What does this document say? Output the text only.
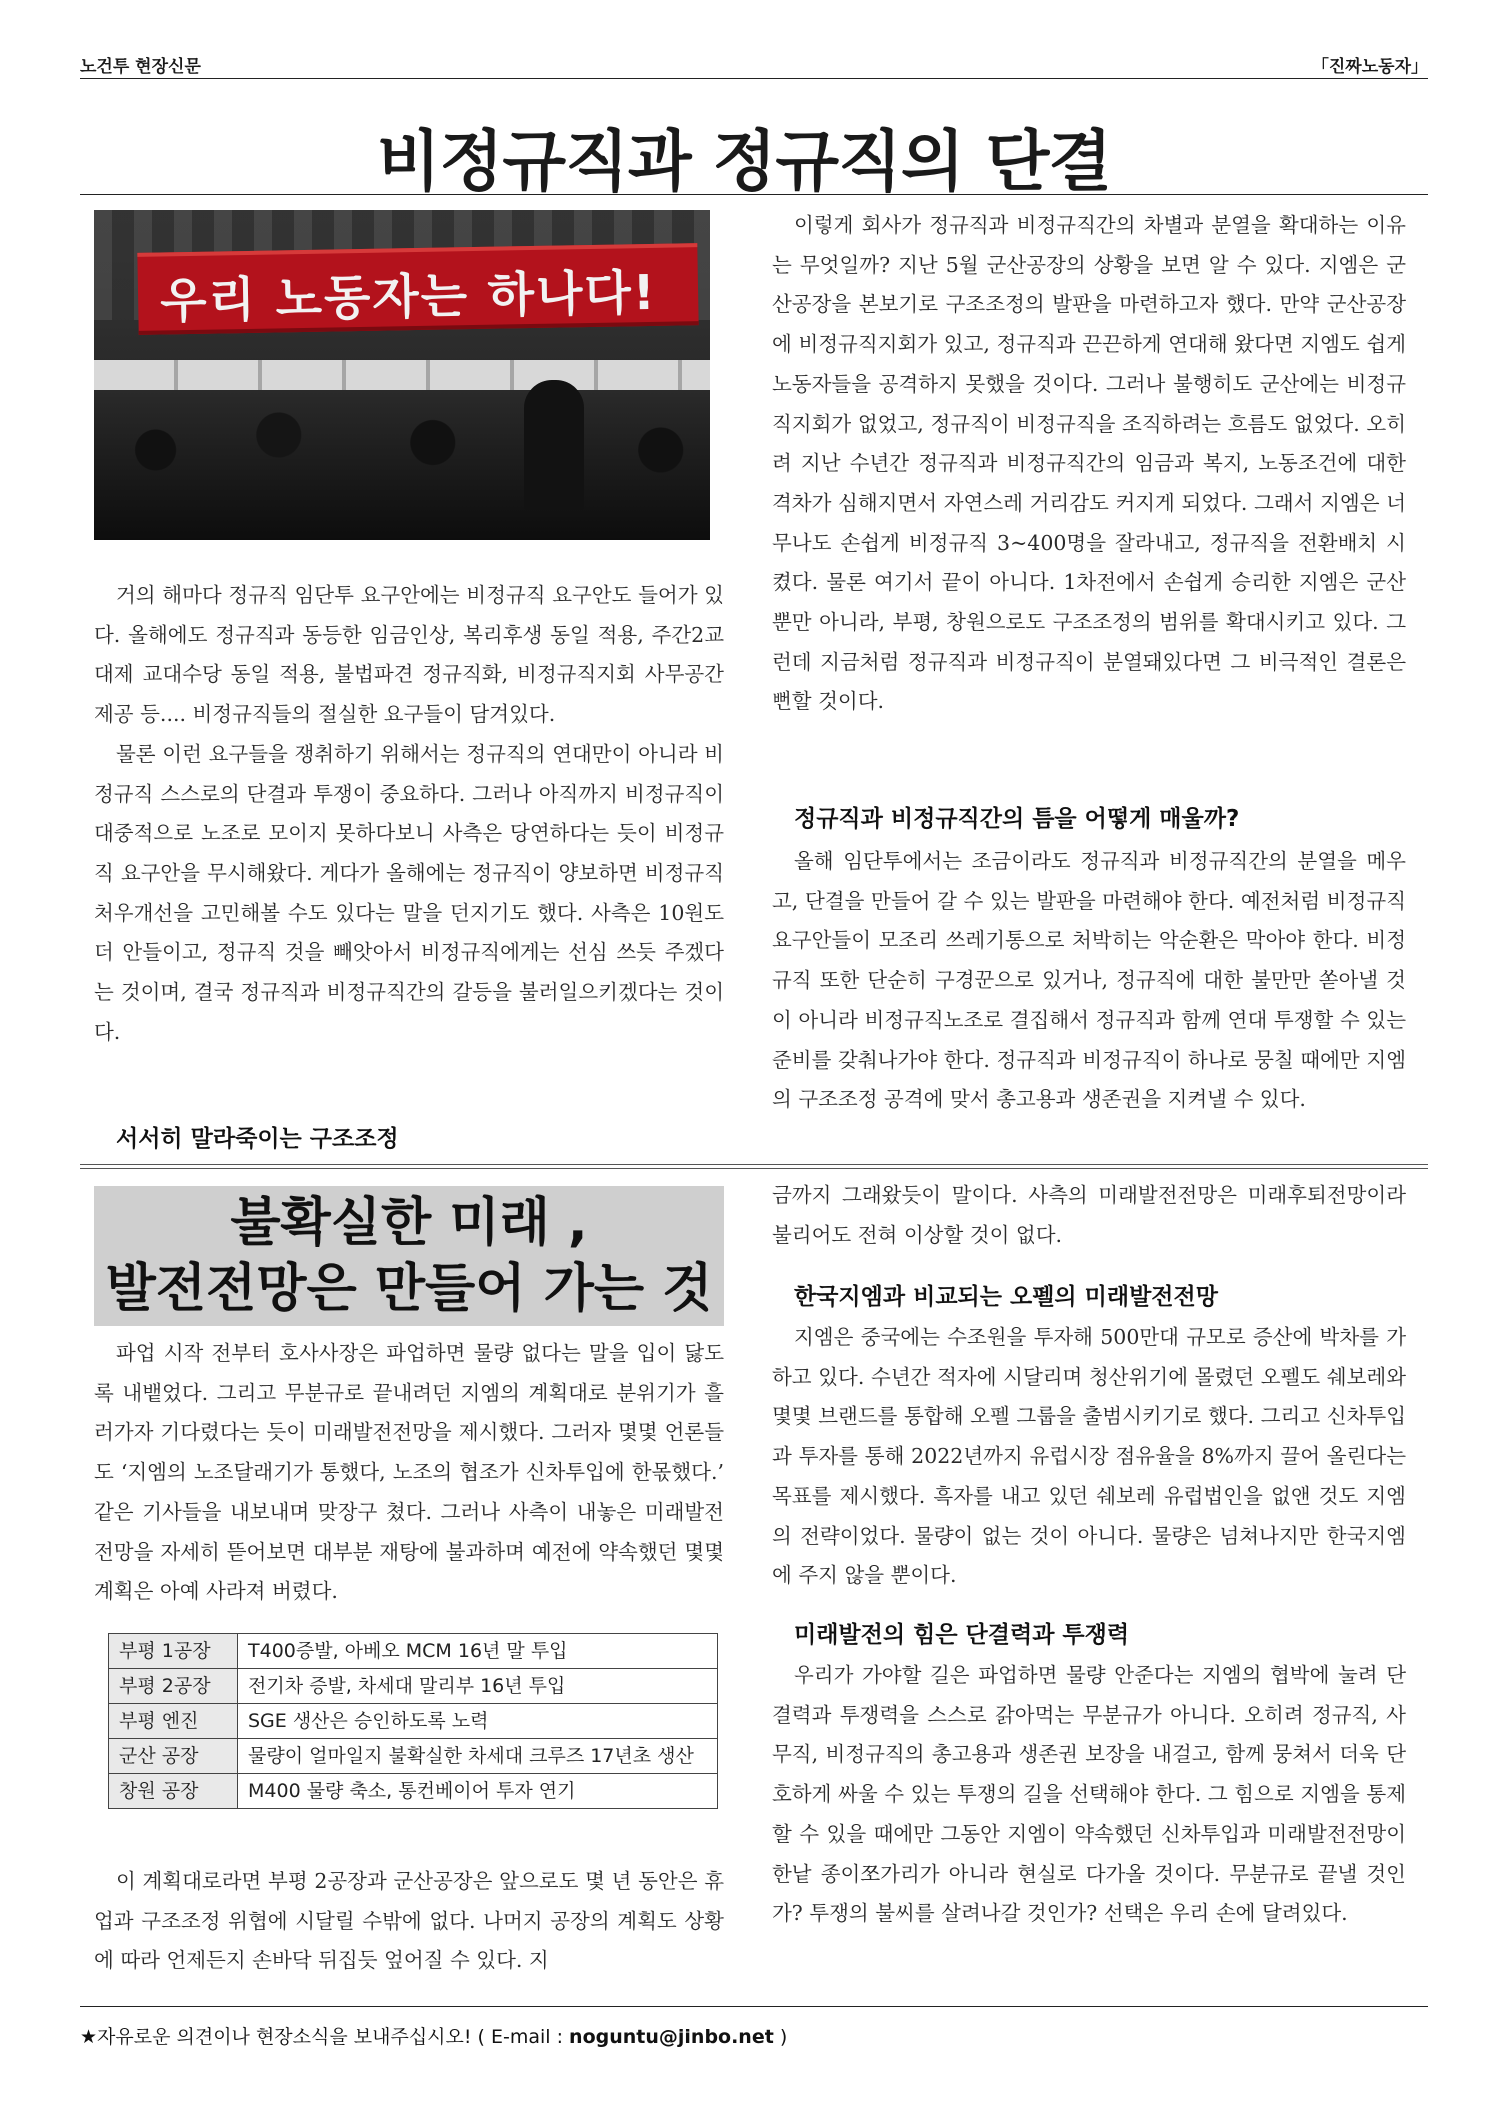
노건투 현장신문	「진짜노동자」
비정규직과 정규직의 단결
우리 노동자는 하나다!

거의 해마다 정규직 임단투 요구안에는 비정규직 요구안도 들어가 있다. 올해에도 정규직과 동등한 임금인상, 복리후생 동일 적용, 주간2교대제 교대수당 동일 적용, 불법파견 정규직화, 비정규직지회 사무공간 제공 등.... 비정규직들의 절실한 요구들이 담겨있다.

물론 이런 요구들을 쟁취하기 위해서는 정규직의 연대만이 아니라 비정규직 스스로의 단결과 투쟁이 중요하다. 그러나 아직까지 비정규직이 대중적으로 노조로 모이지 못하다보니 사측은 당연하다는 듯이 비정규직 요구안을 무시해왔다. 게다가 올해에는 정규직이 양보하면 비정규직 처우개선을 고민해볼 수도 있다는 말을 던지기도 했다. 사측은 10원도 더 안들이고, 정규직 것을 빼앗아서 비정규직에게는 선심 쓰듯 주겠다는 것이며, 결국 정규직과 비정규직간의 갈등을 불러일으키겠다는 것이다.

서서히 말라죽이는 구조조정

이렇게 회사가 정규직과 비정규직간의 차별과 분열을 확대하는 이유는 무엇일까? 지난 5월 군산공장의 상황을 보면 알 수 있다. 지엠은 군산공장을 본보기로 구조조정의 발판을 마련하고자 했다. 만약 군산공장에 비정규직지회가 있고, 정규직과 끈끈하게 연대해 왔다면 지엠도 쉽게 노동자들을 공격하지 못했을 것이다. 그러나 불행히도 군산에는 비정규직지회가 없었고, 정규직이 비정규직을 조직하려는 흐름도 없었다. 오히려 지난 수년간 정규직과 비정규직간의 임금과 복지, 노동조건에 대한 격차가 심해지면서 자연스레 거리감도 커지게 되었다. 그래서 지엠은 너무나도 손쉽게 비정규직 3~400명을 잘라내고, 정규직을 전환배치 시켰다. 물론 여기서 끝이 아니다. 1차전에서 손쉽게 승리한 지엠은 군산뿐만 아니라, 부평, 창원으로도 구조조정의 범위를 확대시키고 있다. 그런데 지금처럼 정규직과 비정규직이 분열돼있다면 그 비극적인 결론은 뻔할 것이다.

정규직과 비정규직간의 틈을 어떻게 매울까?

올해 임단투에서는 조금이라도 정규직과 비정규직간의 분열을 메우고, 단결을 만들어 갈 수 있는 발판을 마련해야 한다. 예전처럼 비정규직 요구안들이 모조리 쓰레기통으로 처박히는 악순환은 막아야 한다. 비정규직 또한 단순히 구경꾼으로 있거나, 정규직에 대한 불만만 쏟아낼 것이 아니라 비정규직노조로 결집해서 정규직과 함께 연대 투쟁할 수 있는 준비를 갖춰나가야 한다. 정규직과 비정규직이 하나로 뭉칠 때에만 지엠의 구조조정 공격에 맞서 총고용과 생존권을 지켜낼 수 있다.

불확실한 미래 ,
발전전망은 만들어 가는 것

파업 시작 전부터 호사사장은 파업하면 물량 없다는 말을 입이 닳도록 내뱉었다. 그리고 무분규로 끝내려던 지엠의 계획대로 분위기가 흘러가자 기다렸다는 듯이 미래발전전망을 제시했다. 그러자 몇몇 언론들도 ‘지엠의 노조달래기가 통했다, 노조의 협조가 신차투입에 한몫했다.’ 같은 기사들을 내보내며 맞장구 쳤다. 그러나 사측이 내놓은 미래발전전망을 자세히 뜯어보면 대부분 재탕에 불과하며 예전에 약속했던 몇몇 계획은 아예 사라져 버렸다.

부평 1공장	T400증발, 아베오 MCM 16년 말 투입
부평 2공장	전기차 증발, 차세대 말리부 16년 투입
부평 엔진	SGE 생산은 승인하도록 노력
군산 공장	물량이 얼마일지 불확실한 차세대 크루즈 17년초 생산
창원 공장	M400 물량 축소, 통컨베이어 투자 연기

이 계획대로라면 부평 2공장과 군산공장은 앞으로도 몇 년 동안은 휴업과 구조조정 위협에 시달릴 수밖에 없다. 나머지 공장의 계획도 상황에 따라 언제든지 손바닥 뒤집듯 엎어질 수 있다. 지

금까지 그래왔듯이 말이다. 사측의 미래발전전망은 미래후퇴전망이라 불리어도 전혀 이상할 것이 없다.

한국지엠과 비교되는 오펠의 미래발전전망

지엠은 중국에는 수조원을 투자해 500만대 규모로 증산에 박차를 가하고 있다. 수년간 적자에 시달리며 청산위기에 몰렸던 오펠도 쉐보레와 몇몇 브랜드를 통합해 오펠 그룹을 출범시키기로 했다. 그리고 신차투입과 투자를 통해 2022년까지 유럽시장 점유율을 8%까지 끌어 올린다는 목표를 제시했다. 흑자를 내고 있던 쉐보레 유럽법인을 없앤 것도 지엠의 전략이었다. 물량이 없는 것이 아니다. 물량은 넘쳐나지만 한국지엠에 주지 않을 뿐이다.

미래발전의 힘은 단결력과 투쟁력

우리가 가야할 길은 파업하면 물량 안준다는 지엠의 협박에 눌려 단결력과 투쟁력을 스스로 갉아먹는 무분규가 아니다. 오히려 정규직, 사무직, 비정규직의 총고용과 생존권 보장을 내걸고, 함께 뭉쳐서 더욱 단호하게 싸울 수 있는 투쟁의 길을 선택해야 한다. 그 힘으로 지엠을 통제할 수 있을 때에만 그동안 지엠이 약속했던 신차투입과 미래발전전망이 한낱 종이쪼가리가 아니라 현실로 다가올 것이다. 무분규로 끝낼 것인가? 투쟁의 불씨를 살려나갈 것인가? 선택은 우리 손에 달려있다.

★자유로운 의견이나 현장소식을 보내주십시오! ( E-mail : noguntu@jinbo.net )
